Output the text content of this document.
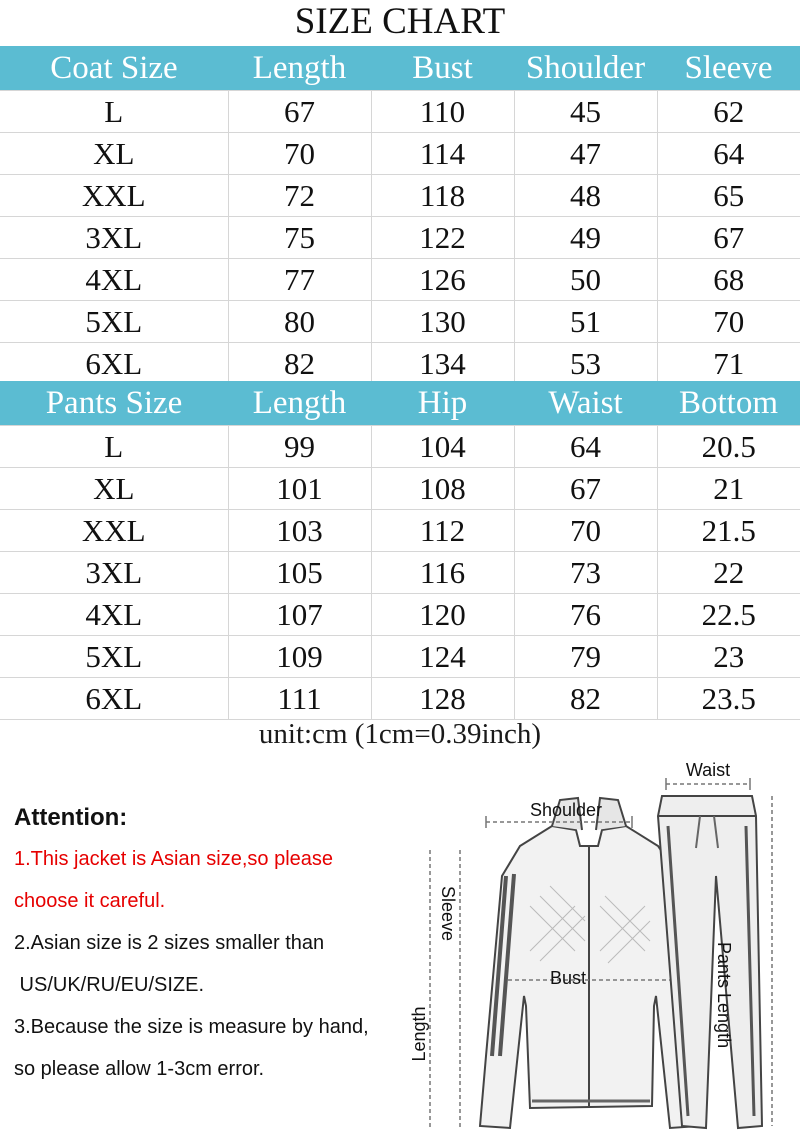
SIZE CHART
Coat Size	Length	Bust	Shoulder	Sleeve
L	67	110	45	62
XL	70	114	47	64
XXL	72	118	48	65
3XL	75	122	49	67
4XL	77	126	50	68
5XL	80	130	51	70
6XL	82	134	53	71
Pants Size	Length	Hip	Waist	Bottom
L	99	104	64	20.5
XL	101	108	67	21
XXL	103	112	70	21.5
3XL	105	116	73	22
4XL	107	120	76	22.5
5XL	109	124	79	23
6XL	111	128	82	23.5
unit:cm (1cm=0.39inch)
Attention:
1.This jacket is Asian size,so please
choose it careful.
2.Asian size is 2 sizes smaller than
US/UK/RU/EU/SIZE.
3.Because the size is measure by hand,
so please allow 1-3cm error.
Shoulder
Waist
Bust
Sleeve
Length	Pants Length
